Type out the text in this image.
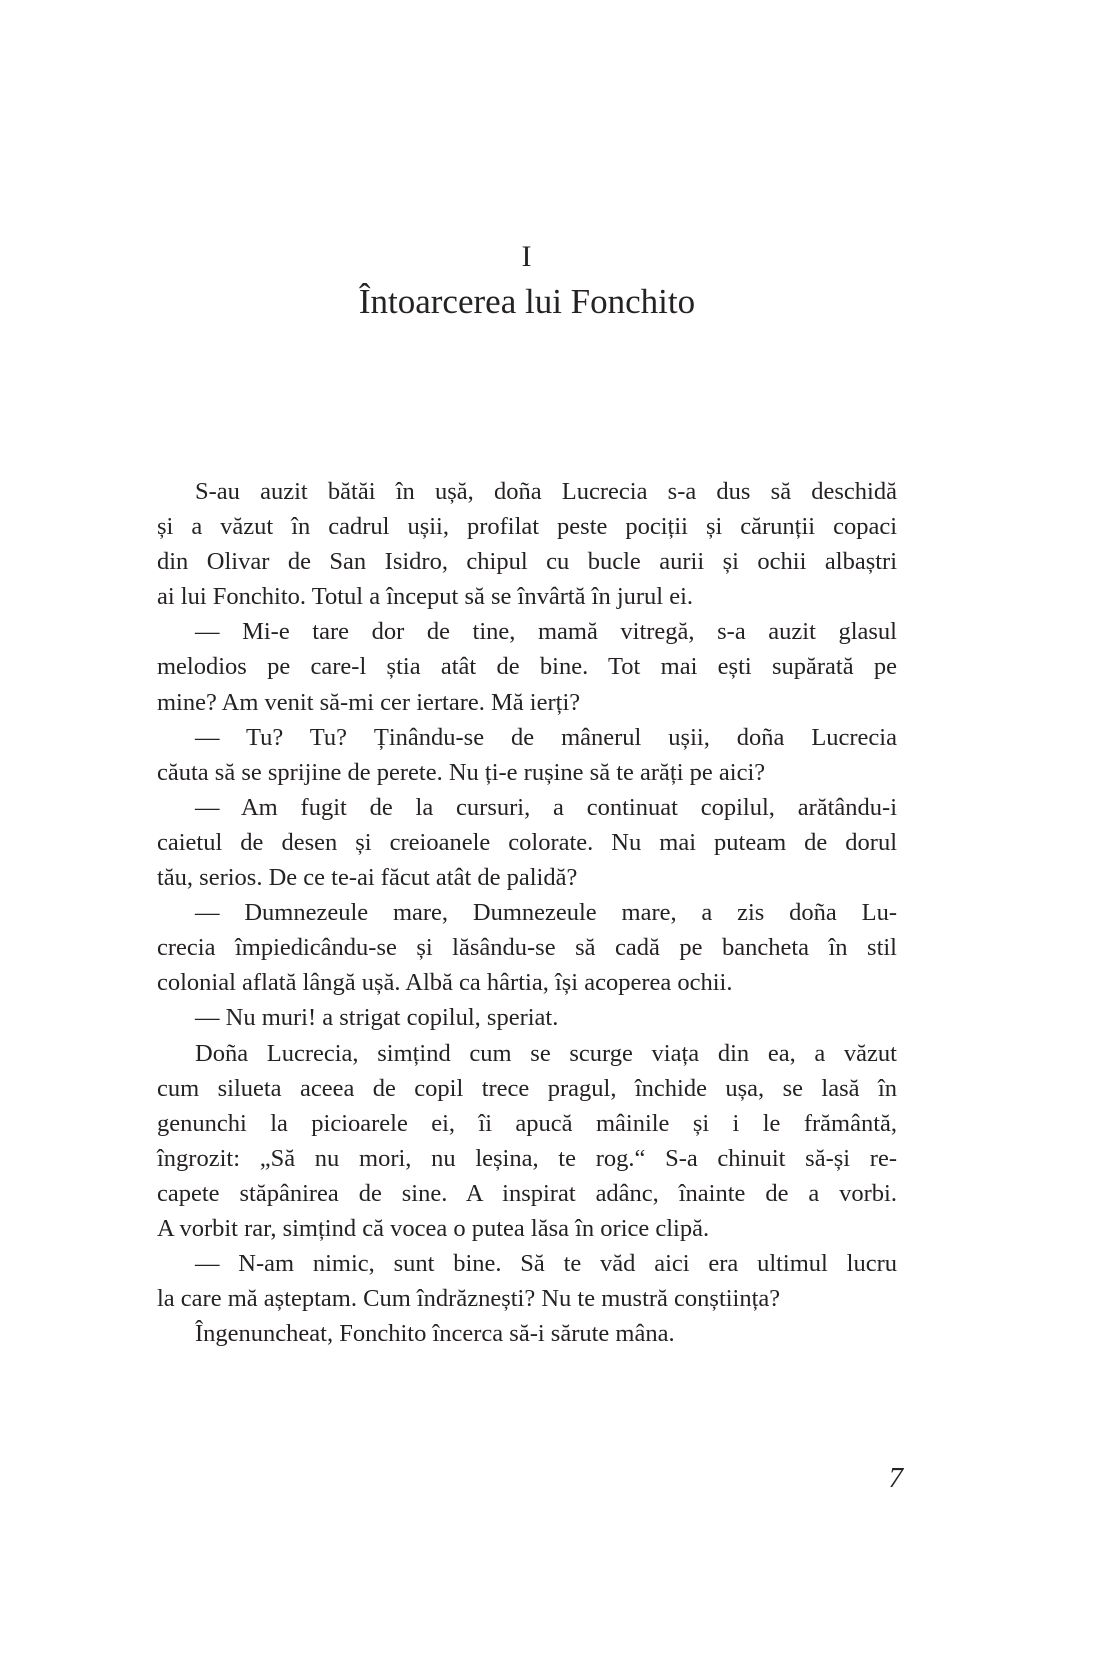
I
Întoarcerea lui Fonchito

S-au auzit bătăi în ușă, doña Lucrecia s-a dus să deschidă
și a văzut în cadrul ușii, profilat peste pociții și cărunții copaci
din Olivar de San Isidro, chipul cu bucle aurii și ochii albaștri
ai lui Fonchito. Totul a început să se învârtă în jurul ei.

— Mi-e tare dor de tine, mamă vitregă, s-a auzit glasul
melodios pe care-l știa atât de bine. Tot mai ești supărată pe
mine? Am venit să-mi cer iertare. Mă ierți?

— Tu? Tu? Ținându-se de mânerul ușii, doña Lucrecia
căuta să se sprijine de perete. Nu ți-e rușine să te arăți pe aici?

— Am fugit de la cursuri, a continuat copilul, arătându-i
caietul de desen și creioanele colorate. Nu mai puteam de dorul
tău, serios. De ce te-ai făcut atât de palidă?

— Dumnezeule mare, Dumnezeule mare, a zis doña Lu-
crecia împiedicându-se și lăsându-se să cadă pe bancheta în stil
colonial aflată lângă ușă. Albă ca hârtia, își acoperea ochii.

— Nu muri! a strigat copilul, speriat.

Doña Lucrecia, simțind cum se scurge viața din ea, a văzut
cum silueta aceea de copil trece pragul, închide ușa, se lasă în
genunchi la picioarele ei, îi apucă mâinile și i le frământă,
îngrozit: „Să nu mori, nu leșina, te rog.“ S-a chinuit să-și re-
capete stăpânirea de sine. A inspirat adânc, înainte de a vorbi.
A vorbit rar, simțind că vocea o putea lăsa în orice clipă.

— N-am nimic, sunt bine. Să te văd aici era ultimul lucru
la care mă așteptam. Cum îndrăznești? Nu te mustră conștiința?

Îngenuncheat, Fonchito încerca să-i sărute mâna.

7
